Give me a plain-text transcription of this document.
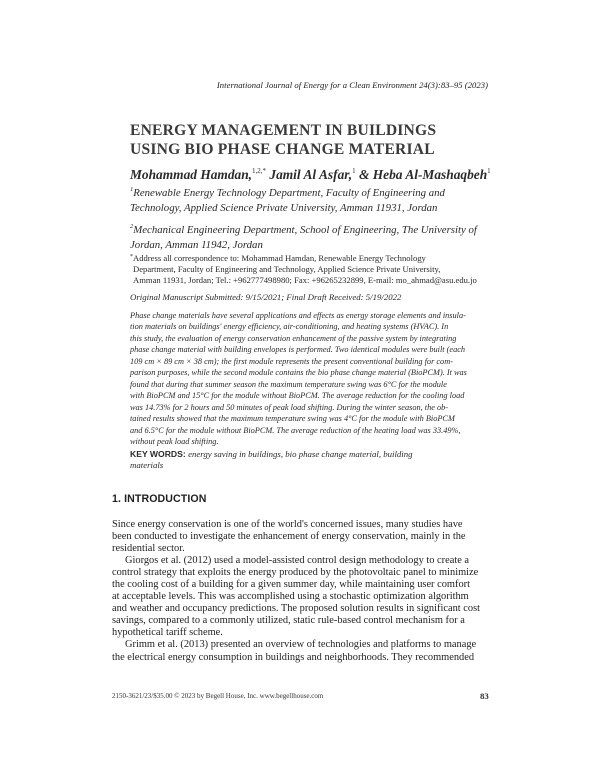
International Journal of Energy for a Clean Environment 24(3):83–95 (2023)
ENERGY MANAGEMENT IN BUILDINGS
USING BIO PHASE CHANGE MATERIAL
Mohammad Hamdan,$^{1,2,*}$ Jamil Al Asfar,$^1$ & Heba Al-Mashaqbeh$^1$
$^1$Renewable Energy Technology Department, Faculty of Engineering and
Technology, Applied Science Private University, Amman 11931, Jordan
$^2$Mechanical Engineering Department, School of Engineering, The University of
Jordan, Amman 11942, Jordan
*Address all correspondence to: Mohammad Hamdan, Renewable Energy Technology
Department, Faculty of Engineering and Technology, Applied Science Private University,
Amman 11931, Jordan; Tel.: +962777498980; Fax: +96265232899, E-mail: mo_ahmad@asu.edu.jo
Original Manuscript Submitted: 9/15/2021; Final Draft Received: 5/19/2022
Phase change materials have several applications and effects as energy storage elements and insula-
tion materials on buildings' energy efficiency, air-conditioning, and heating systems (HVAC). In
this study, the evaluation of energy conservation enhancement of the passive system by integrating
phase change material with building envelopes is performed. Two identical modules were built (each
109 cm × 89 cm × 38 cm); the first module represents the present conventional building for com-
parison purposes, while the second module contains the bio phase change material (BioPCM). It was
found that during that summer season the maximum temperature swing was 6°C for the module
with BioPCM and 15°C for the module without BioPCM. The average reduction for the cooling load
was 14.73% for 2 hours and 50 minutes of peak load shifting. During the winter season, the ob-
tained results showed that the maximum temperature swing was 4°C for the module with BioPCM
and 6.5°C for the module without BioPCM. The average reduction of the heating load was 33.49%,
without peak load shifting.
KEY WORDS: energy saving in buildings, bio phase change material, building
materials
1. INTRODUCTION
Since energy conservation is one of the world's concerned issues, many studies have
been conducted to investigate the enhancement of energy conservation, mainly in the
residential sector.
Giorgos et al. (2012) used a model-assisted control design methodology to create a
control strategy that exploits the energy produced by the photovoltaic panel to minimize
the cooling cost of a building for a given summer day, while maintaining user comfort
at acceptable levels. This was accomplished using a stochastic optimization algorithm
and weather and occupancy predictions. The proposed solution results in significant cost
savings, compared to a commonly utilized, static rule-based control mechanism for a
hypothetical tariff scheme.
Grimm et al. (2013) presented an overview of technologies and platforms to manage
the electrical energy consumption in buildings and neighborhoods. They recommended
2150-3621/23/$35.00 © 2023 by Begell House, Inc. www.begellhouse.com	83
